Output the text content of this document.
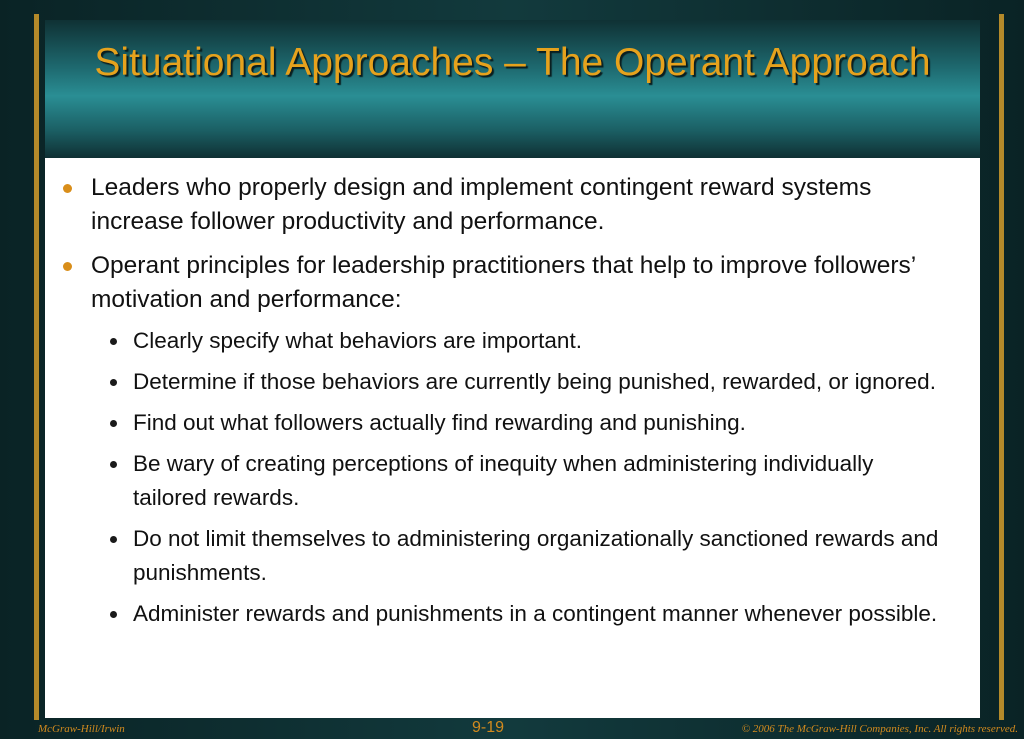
Situational Approaches – The Operant Approach
Leaders who properly design and implement contingent reward systems increase follower productivity and performance.
Operant principles for leadership practitioners that help to improve followers’ motivation and performance:
Clearly specify what behaviors are important.
Determine if those behaviors are currently being punished, rewarded, or ignored.
Find out what followers actually find rewarding and punishing.
Be wary of creating perceptions of inequity when administering individually tailored rewards.
Do not limit themselves to administering organizationally sanctioned rewards and punishments.
Administer rewards and punishments in a contingent manner whenever possible.
McGraw-Hill/Irwin	9-19	© 2006 The McGraw-Hill Companies, Inc. All rights reserved.
